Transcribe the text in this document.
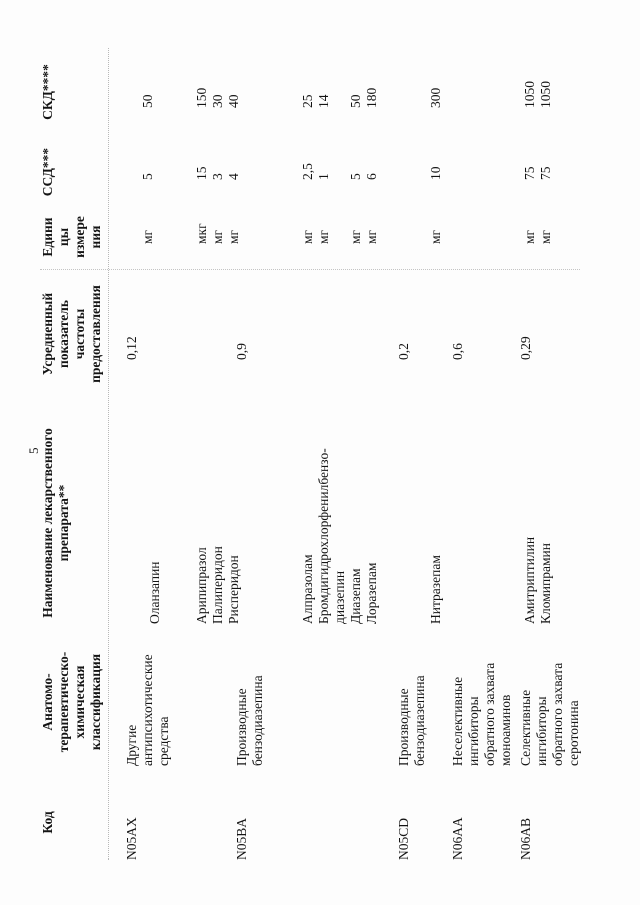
5
Код
Анатомо- терапевтическо- химическая классификация
Наименование лекарственного препарата**
Усредненный показатель частоты предоставления
Едини цы измере ния
ССД***
СКД****
N05AX
Другие антипсихотические средства
0,12
Оланзапин
мг
5
50
Арипипразол
мкг
15
150
Палиперидон
мг
3
30
Рисперидон
мг
4
40
N05BA
Производные бензодиазепина
0,9
Алпразолам
мг
2,5
25
Бромдигидрохлорфенилбензо- диазепин
мг
1
14
Диазепам
мг
5
50
Лоразепам
мг
6
180
N05CD
Производные бензодиазепина
0,2
Нитразепам
мг
10
300
N06AA
Неселективные ингибиторы обратного захвата моноаминов
0,6
Амитриптилин
мг
75
1050
Кломипрамин
мг
75
1050
N06AB
Селективные ингибиторы обратного захвата серотонина
0,29
